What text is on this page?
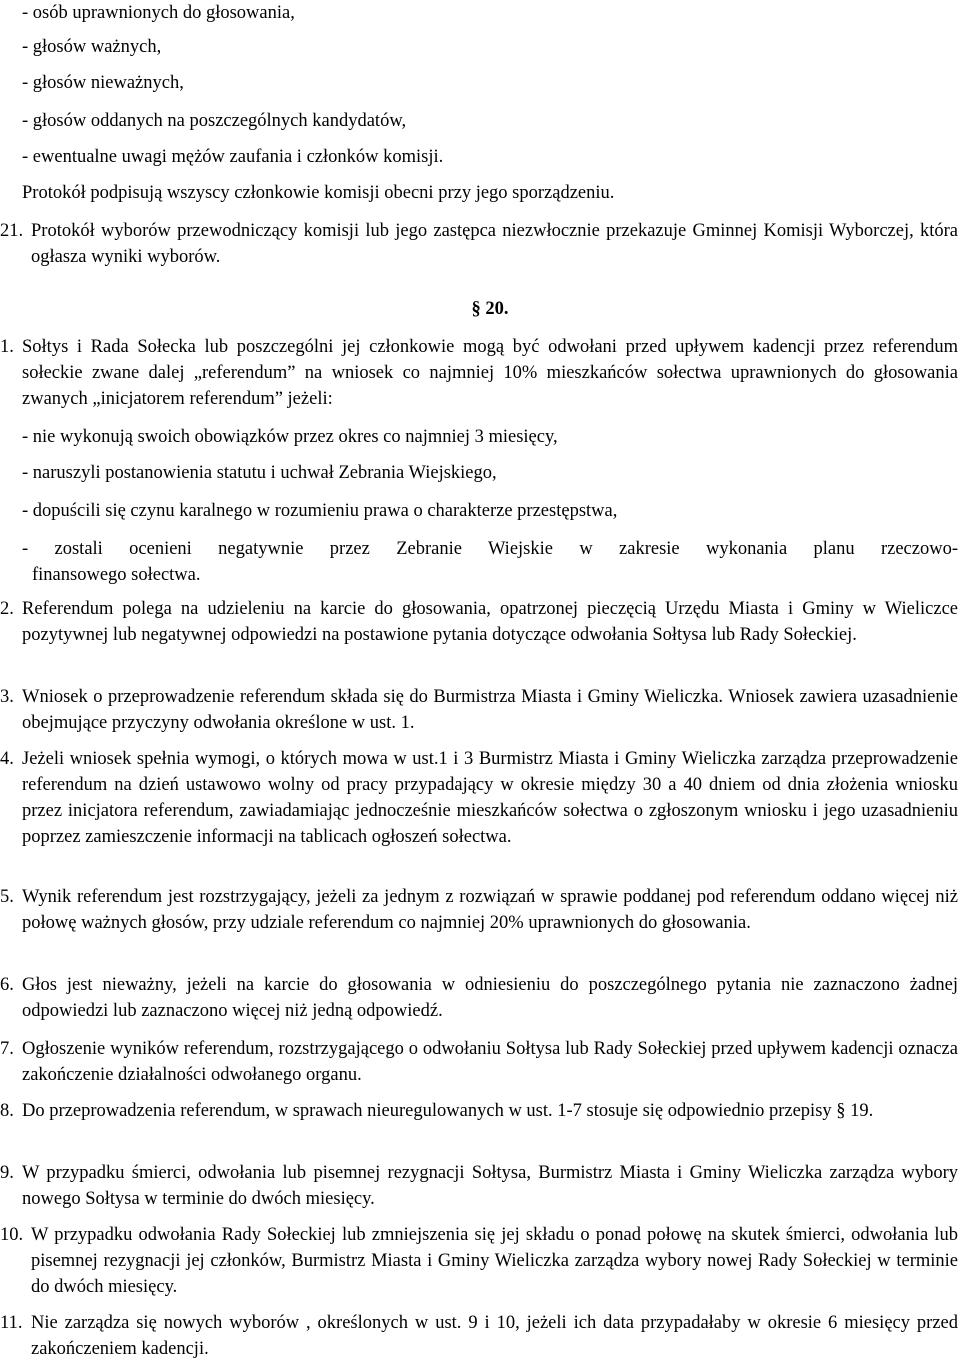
- osób uprawnionych do głosowania,
- głosów ważnych,
- głosów nieważnych,
- głosów oddanych na poszczególnych kandydatów,
- ewentualne uwagi mężów zaufania i członków komisji.
Protokół podpisują wszyscy członkowie komisji obecni przy jego sporządzeniu.
21. Protokół wyborów przewodniczący komisji lub jego zastępca niezwłocznie przekazuje Gminnej Komisji Wyborczej, która ogłasza wyniki wyborów.
§ 20.
1. Sołtys i Rada Sołecka lub poszczególni jej członkowie mogą być odwołani przed upływem kadencji przez referendum sołeckie zwane dalej „referendum” na wniosek co najmniej 10% mieszkańców sołectwa uprawnionych do głosowania zwanych „inicjatorem referendum” jeżeli:
- nie wykonują swoich obowiązków przez okres co najmniej 3 miesięcy,
- naruszyli postanowienia statutu i uchwał Zebrania Wiejskiego,
- dopuścili się czynu karalnego w rozumieniu prawa o charakterze przestępstwa,
- zostali ocenieni negatywnie przez Zebranie Wiejskie w zakresie wykonania planu rzeczowo-
finansowego sołectwa.
2. Referendum polega na udzieleniu na karcie do głosowania, opatrzonej pieczęcią Urzędu Miasta i Gminy w Wieliczce pozytywnej lub negatywnej odpowiedzi na postawione pytania dotyczące odwołania Sołtysa lub Rady Sołeckiej.
3. Wniosek o przeprowadzenie referendum składa się do Burmistrza Miasta i Gminy Wieliczka. Wniosek zawiera uzasadnienie obejmujące przyczyny odwołania określone w ust. 1.
4. Jeżeli wniosek spełnia wymogi, o których mowa w ust.1 i 3 Burmistrz Miasta i Gminy Wieliczka zarządza przeprowadzenie referendum na dzień ustawowo wolny od pracy przypadający w okresie między 30 a 40 dniem od dnia złożenia wniosku przez inicjatora referendum, zawiadamiając jednocześnie mieszkańców sołectwa o zgłoszonym wniosku i jego uzasadnieniu poprzez zamieszczenie informacji na tablicach ogłoszeń sołectwa.
5. Wynik referendum jest rozstrzygający, jeżeli za jednym z rozwiązań w sprawie poddanej pod referendum oddano więcej niż połowę ważnych głosów, przy udziale referendum co najmniej 20% uprawnionych do głosowania.
6. Głos jest nieważny, jeżeli na karcie do głosowania w odniesieniu do poszczególnego pytania nie zaznaczono żadnej odpowiedzi lub zaznaczono więcej niż jedną odpowiedź.
7. Ogłoszenie wyników referendum, rozstrzygającego o odwołaniu Sołtysa lub Rady Sołeckiej przed upływem kadencji oznacza zakończenie działalności odwołanego organu.
8. Do przeprowadzenia referendum, w sprawach nieuregulowanych w ust. 1-7 stosuje się odpowiednio przepisy § 19.
9. W przypadku śmierci, odwołania lub pisemnej rezygnacji Sołtysa, Burmistrz Miasta i Gminy Wieliczka zarządza wybory nowego Sołtysa w terminie do dwóch miesięcy.
10. W przypadku odwołania Rady Sołeckiej lub zmniejszenia się jej składu o ponad połowę na skutek śmierci, odwołania lub pisemnej rezygnacji jej członków, Burmistrz Miasta i Gminy Wieliczka zarządza wybory nowej Rady Sołeckiej w terminie do dwóch miesięcy.
11. Nie zarządza się nowych wyborów , określonych w ust. 9 i 10, jeżeli ich data przypadałaby w okresie 6 miesięcy przed zakończeniem kadencji.
